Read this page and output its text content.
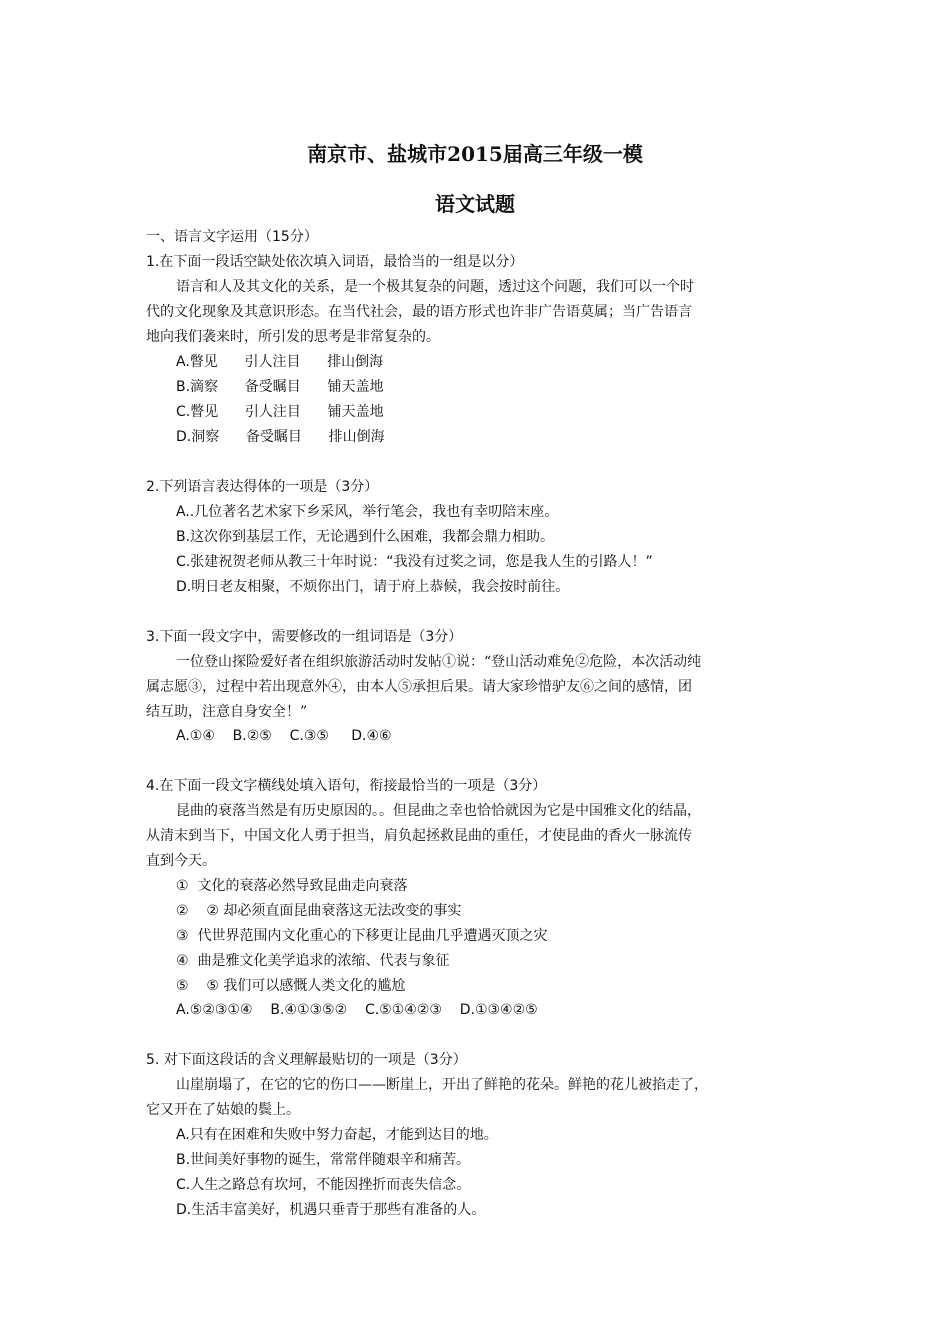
南京市、盐城市2015届高三年级一模
语文试题
一、语言文字运用（15分）
1.在下面一段话空缺处依次填入词语，最恰当的一组是以分）
语言和人及其文化的关系，是一个极其复杂的问题，透过这个问题，我们可以一个时
代的文化现象及其意识形态。在当代社会，最的语方形式也许非广告语莫属；当广告语言
地向我们袭来时，所引发的思考是非常复杂的。
A.瞥见      引人注目      排山倒海
B.滴察      备受瞩目      铺天盖地
C.瞥见      引人注目      铺天盖地
D.洞察      备受瞩目      排山倒海
2.下列语言表达得体的一项是（3分）
A..几位著名艺术家下乡采风，举行笔会，我也有幸叨陪末座。
B.这次你到基层工作，无论遇到什么困难，我都会鼎力相助。
C.张建祝贺老师从教三十年时说：“我没有过奖之词，您是我人生的引路人！”
D.明日老友相聚，不烦你出门，请于府上恭候，我会按时前往。
3.下面一段文字中，需要修改的一组词语是（3分）
一位登山探险爱好者在组织旅游活动时发帖①说：“登山活动难免②危险，本次活动纯
属志愿③，过程中若出现意外④，由本人⑤承担后果。请大家珍惜驴友⑥之间的感情，团
结互助，注意自身安全！”
A.①④    B.②⑤    C.③⑤     D.④⑥
4.在下面一段文字横线处填入语句，衔接最恰当的一项是（3分）
昆曲的衰落当然是有历史原因的。。但昆曲之幸也恰恰就因为它是中国雅文化的结晶，
从清末到当下，中国文化人勇于担当，肩负起拯救昆曲的重任，才使昆曲的香火一脉流传
直到今天。
①  文化的衰落必然导致昆曲走向衰落
②    ② 却必须直面昆曲衰落这无法改变的事实
③  代世界范围内文化重心的下移更让昆曲几乎遭遇灭顶之灾
④  曲是雅文化美学追求的浓缩、代表与象征
⑤    ⑤ 我们可以感慨人类文化的尴尬
A.⑤②③①④    B.④①③⑤②    C.⑤①④②③    D.①③④②⑤
5. 对下面这段话的含义理解最贴切的一项是（3分）
山崖崩塌了，在它的它的伤口——断崖上，开出了鲜艳的花朵。鲜艳的花儿被掐走了，
它又开在了姑娘的鬓上。
A.只有在困难和失败中努力奋起，才能到达目的地。
B.世间美好事物的诞生，常常伴随艰辛和痛苦。
C.人生之路总有坎坷，不能因挫折而丧失信念。
D.生活丰富美好，机遇只垂青于那些有准备的人。
